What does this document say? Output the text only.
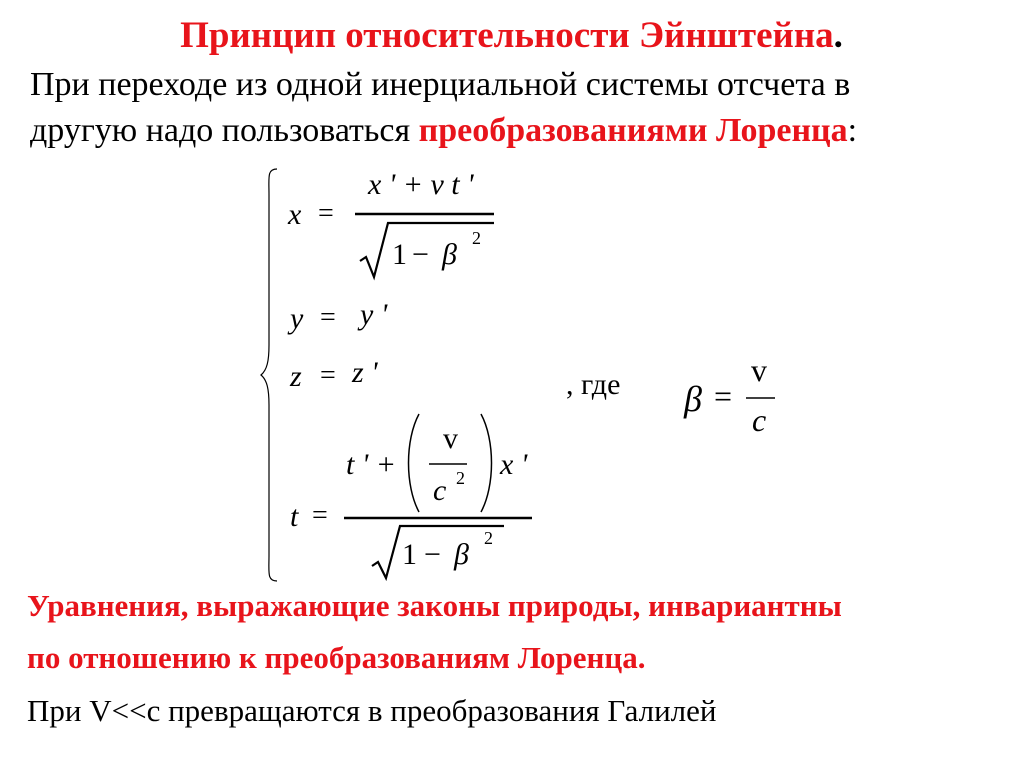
Принцип относительности Эйнштейна.
При переходе из одной инерциальной системы отсчета в
другую надо пользоваться преобразованиями Лоренца:
x =
x ' + v t '
1 − β 2
y = y '
z = z '
t =
t ' +
v
c 2 x '
1 − β 2
, где β =
v
c
Уравнения, выражающие законы природы, инвариантны
по отношению к преобразованиям Лоренца.
При V<<c превращаются в преобразования Галилей
